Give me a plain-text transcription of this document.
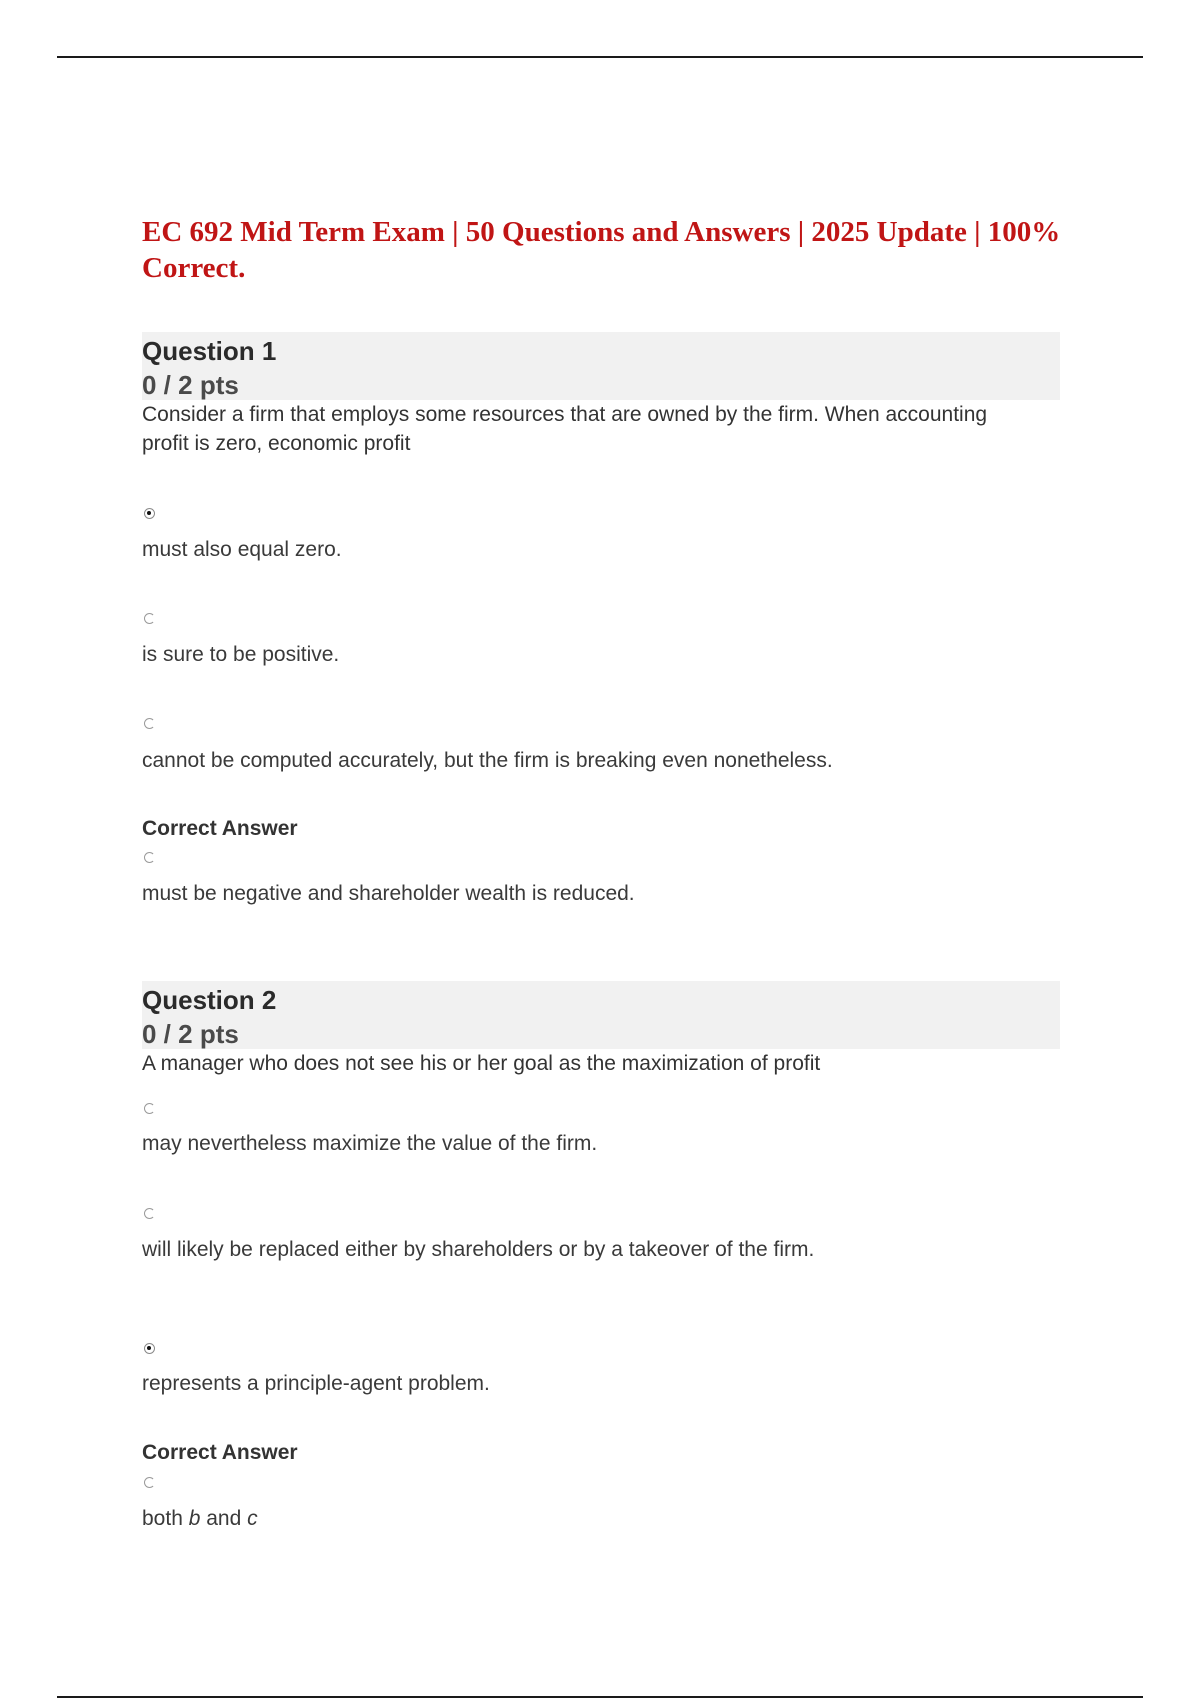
EC 692 Mid Term Exam | 50 Questions and Answers | 2025 Update | 100% Correct.
Question 1
0 / 2 pts

Consider a firm that employs some resources that are owned by the firm. When accounting profit is zero, economic profit

must also equal zero.
is sure to be positive.
cannot be computed accurately, but the firm is breaking even nonetheless.
Correct Answer
must be negative and shareholder wealth is reduced.
Question 2
0 / 2 pts

A manager who does not see his or her goal as the maximization of profit

may nevertheless maximize the value of the firm.
will likely be replaced either by shareholders or by a takeover of the firm.
represents a principle-agent problem.
Correct Answer
both b and c
